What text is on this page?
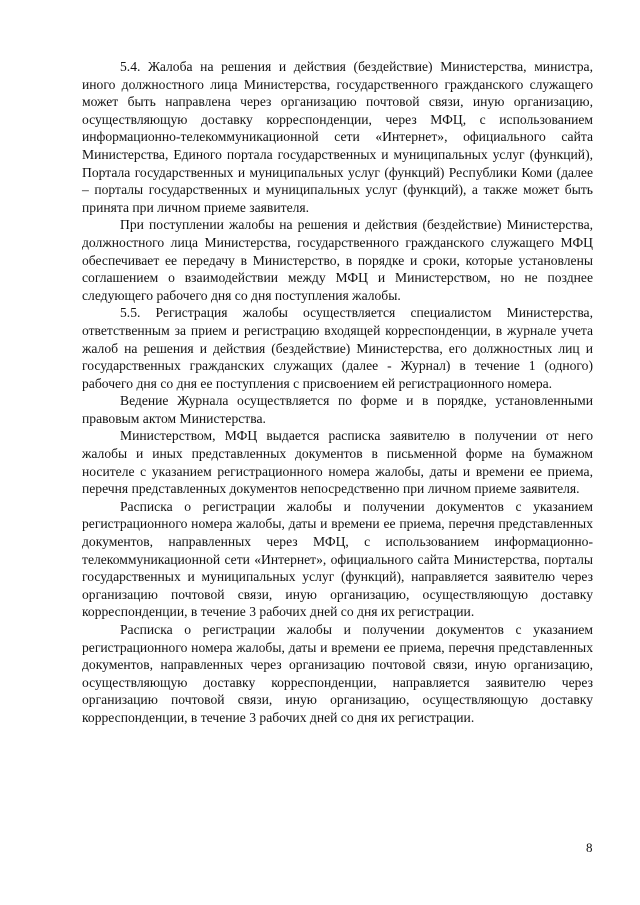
5.4. Жалоба на решения и действия (бездействие) Министерства, министра, иного должностного лица Министерства, государственного гражданского служащего может быть направлена через организацию почтовой связи, иную организацию, осуществляющую доставку корреспонденции, через МФЦ, с использованием информационно-телекоммуникационной сети «Интернет», официального сайта Министерства, Единого портала государственных и муниципальных услуг (функций), Портала государственных и муниципальных услуг (функций) Республики Коми (далее – порталы государственных и муниципальных услуг (функций), а также может быть принята при личном приеме заявителя.

При поступлении жалобы на решения и действия (бездействие) Министерства, должностного лица Министерства, государственного гражданского служащего МФЦ обеспечивает ее передачу в Министерство, в порядке и сроки, которые установлены соглашением о взаимодействии между МФЦ и Министерством, но не позднее следующего рабочего дня со дня поступления жалобы.

5.5. Регистрация жалобы осуществляется специалистом Министерства, ответственным за прием и регистрацию входящей корреспонденции, в журнале учета жалоб на решения и действия (бездействие) Министерства, его должностных лиц и государственных гражданских служащих (далее - Журнал) в течение 1 (одного) рабочего дня со дня ее поступления с присвоением ей регистрационного номера.

Ведение Журнала осуществляется по форме и в порядке, установленными правовым актом Министерства.

Министерством, МФЦ выдается расписка заявителю в получении от него жалобы и иных представленных документов в письменной форме на бумажном носителе с указанием регистрационного номера жалобы, даты и времени ее приема, перечня представленных документов непосредственно при личном приеме заявителя.

Расписка о регистрации жалобы и получении документов с указанием регистрационного номера жалобы, даты и времени ее приема, перечня представленных документов, направленных через МФЦ, с использованием информационно-телекоммуникационной сети «Интернет», официального сайта Министерства, порталы государственных и муниципальных услуг (функций), направляется заявителю через организацию почтовой связи, иную организацию, осуществляющую доставку корреспонденции, в течение 3 рабочих дней со дня их регистрации.

Расписка о регистрации жалобы и получении документов с указанием регистрационного номера жалобы, даты и времени ее приема, перечня представленных документов, направленных через организацию почтовой связи, иную организацию, осуществляющую доставку корреспонденции, направляется заявителю через организацию почтовой связи, иную организацию, осуществляющую доставку корреспонденции, в течение 3 рабочих дней со дня их регистрации.

8
